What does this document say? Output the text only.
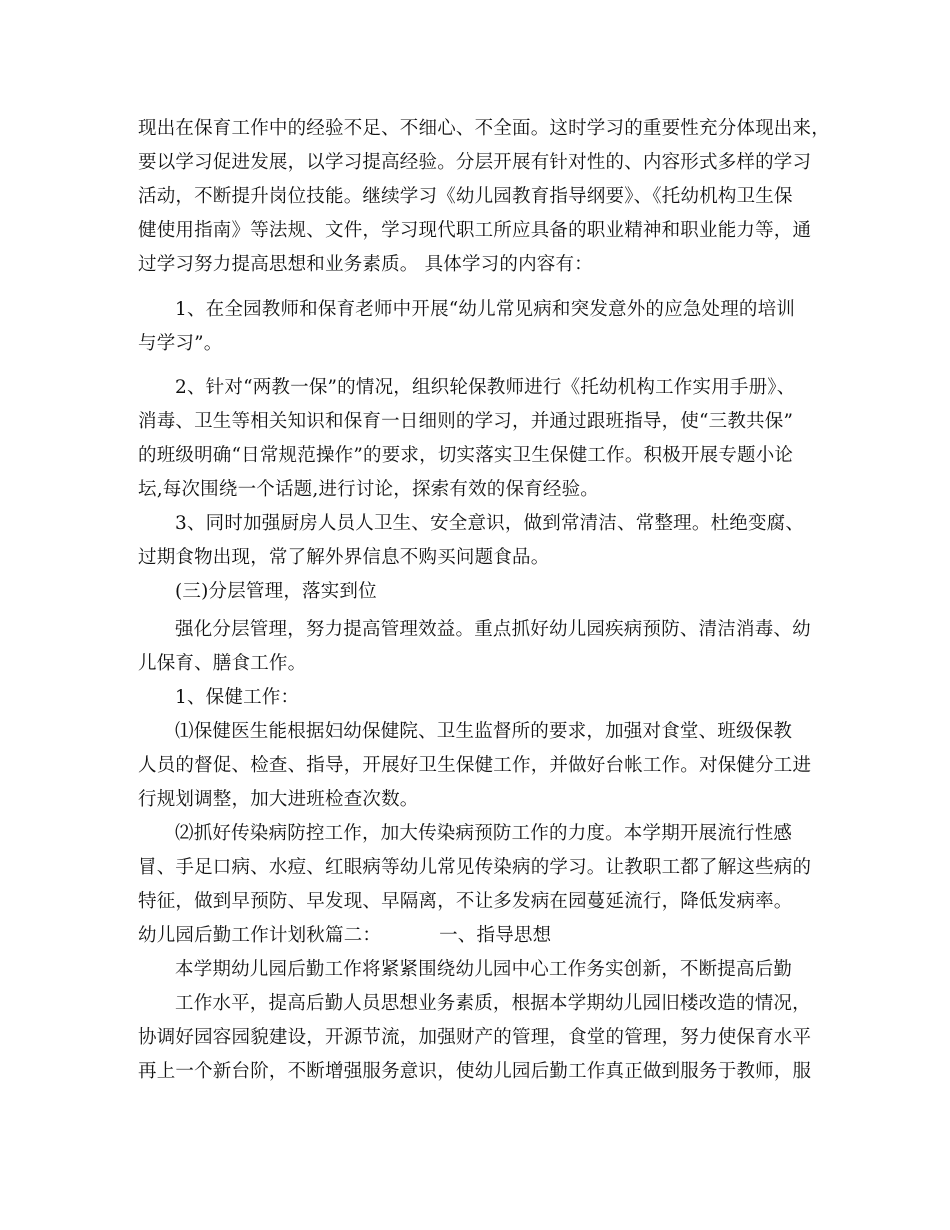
现出在保育工作中的经验不足、不细心、不全面。这时学习的重要性充分体现出来，
要以学习促进发展，以学习提高经验。分层开展有针对性的、内容形式多样的学习
活动，不断提升岗位技能。继续学习《幼儿园教育指导纲要》、《托幼机构卫生保
健使用指南》等法规、文件，学习现代职工所应具备的职业精神和职业能力等，通
过学习努力提高思想和业务素质。 具体学习的内容有：
1、在全园教师和保育老师中开展“幼儿常见病和突发意外的应急处理的培训
与学习”。
2、针对“两教一保”的情况，组织轮保教师进行《托幼机构工作实用手册》、
消毒、卫生等相关知识和保育一日细则的学习，并通过跟班指导，使“三教共保”
的班级明确“日常规范操作”的要求，切实落实卫生保健工作。积极开展专题小论
坛,每次围绕一个话题,进行讨论，探索有效的保育经验。
3、同时加强厨房人员人卫生、安全意识，做到常清洁、常整理。杜绝变腐、
过期食物出现，常了解外界信息不购买问题食品。
(三)分层管理，落实到位
强化分层管理，努力提高管理效益。重点抓好幼儿园疾病预防、清洁消毒、幼
儿保育、膳食工作。
1、保健工作：
⑴保健医生能根据妇幼保健院、卫生监督所的要求，加强对食堂、班级保教
人员的督促、检查、指导，开展好卫生保健工作，并做好台帐工作。对保健分工进
行规划调整，加大进班检查次数。
⑵抓好传染病防控工作，加大传染病预防工作的力度。本学期开展流行性感
冒、手足口病、水痘、红眼病等幼儿常见传染病的学习。让教职工都了解这些病的
特征，做到早预防、早发现、早隔离，不让多发病在园蔓延流行，降低发病率。
幼儿园后勤工作计划秋篇二：	一、指导思想
本学期幼儿园后勤工作将紧紧围绕幼儿园中心工作务实创新，不断提高后勤
工作水平，提高后勤人员思想业务素质，根据本学期幼儿园旧楼改造的情况，
协调好园容园貌建设，开源节流，加强财产的管理，食堂的管理，努力使保育水平
再上一个新台阶，不断增强服务意识，使幼儿园后勤工作真正做到服务于教师，服
